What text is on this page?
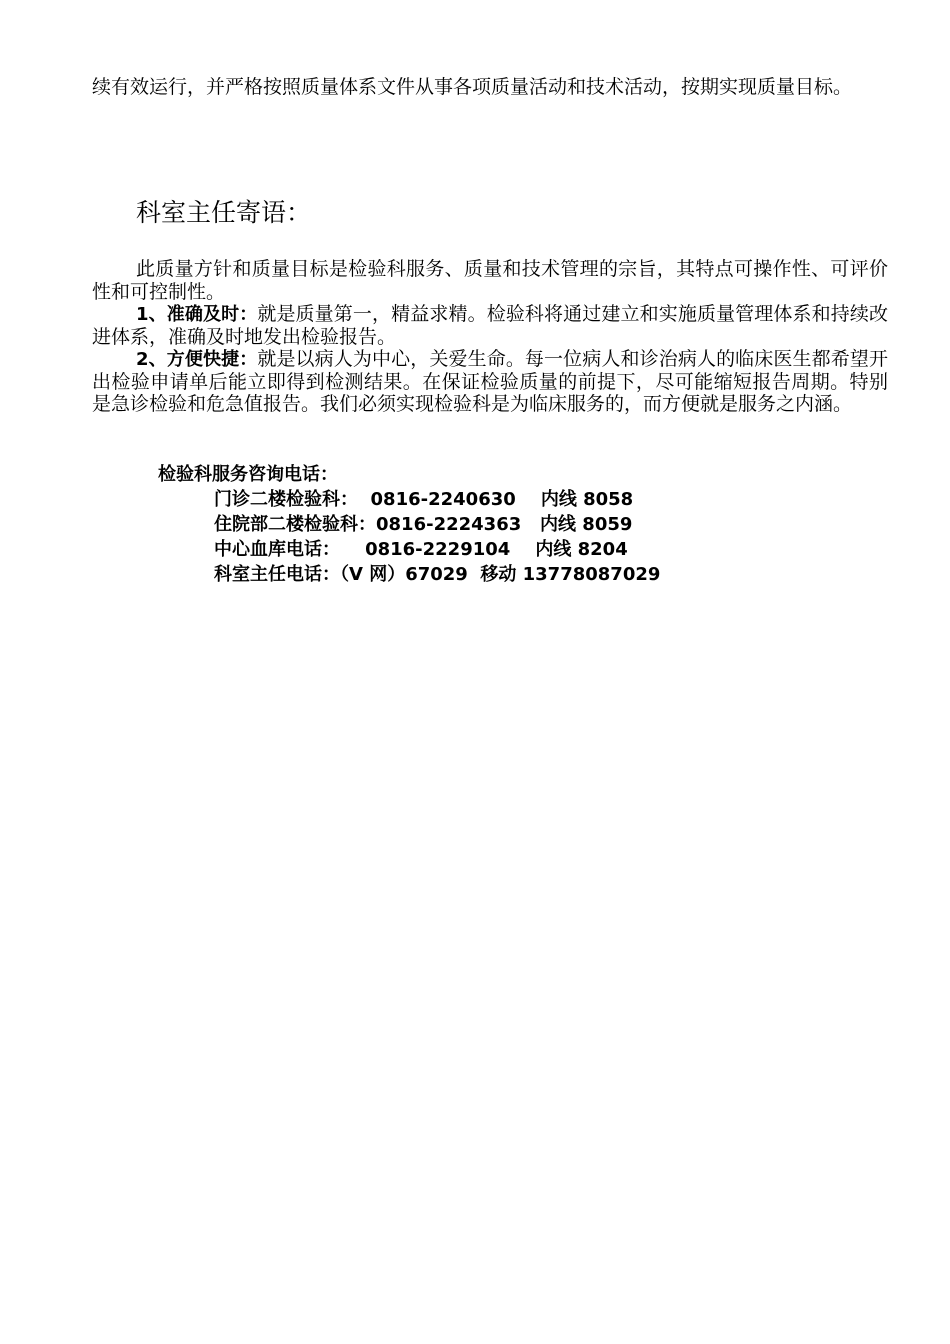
续有效运行，并严格按照质量体系文件从事各项质量活动和技术活动，按期实现质量目标。

科室主任寄语：

此质量方针和质量目标是检验科服务、质量和技术管理的宗旨，其特点可操作性、可评价性和可控制性。

1、准确及时：就是质量第一，精益求精。检验科将通过建立和实施质量管理体系和持续改进体系，准确及时地发出检验报告。

2、方便快捷：就是以病人为中心，关爱生命。每一位病人和诊治病人的临床医生都希望开出检验申请单后能立即得到检测结果。在保证检验质量的前提下，尽可能缩短报告周期。特别是急诊检验和危急值报告。我们必须实现检验科是为临床服务的，而方便就是服务之内涵。

检验科服务咨询电话：

门诊二楼检验科：  0816-2240630    内线 8058

住院部二楼检验科：0816-2224363   内线 8059

中心血库电话：    0816-2229104    内线 8204

科室主任电话：（V 网）67029  移动 13778087029
